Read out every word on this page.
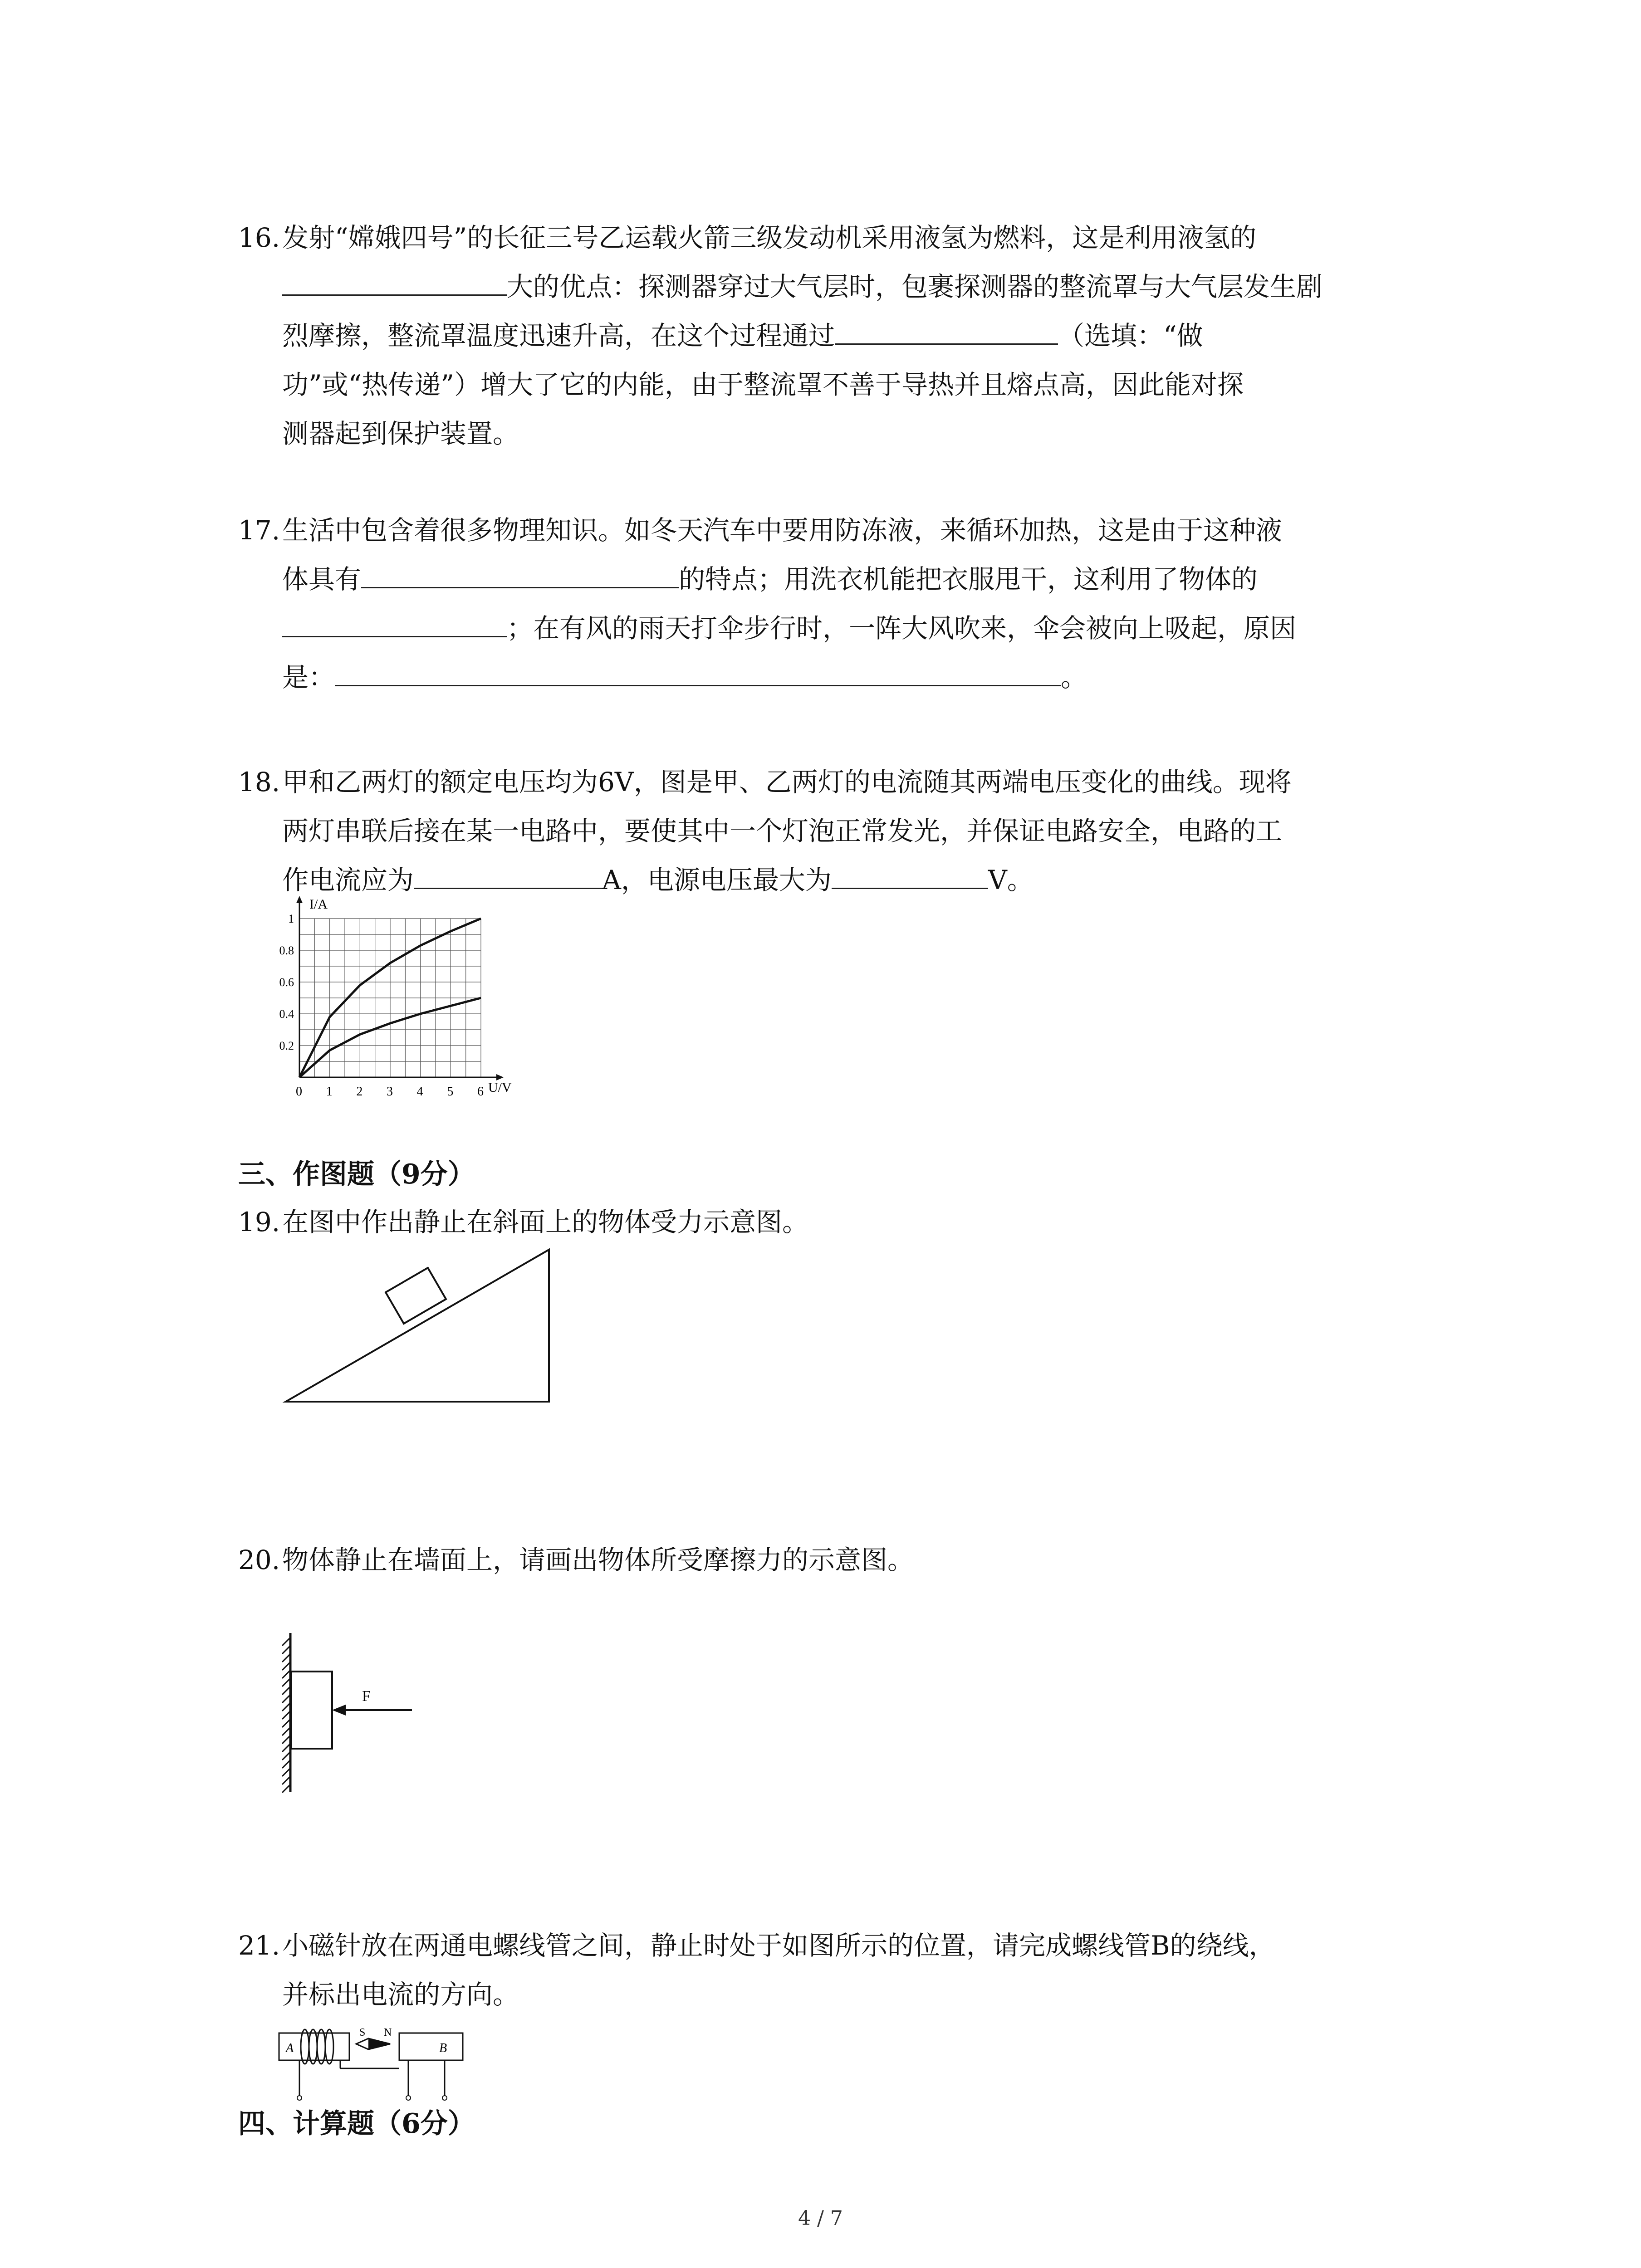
16. 发射“嫦娥四号”的长征三号乙运载火箭三级发动机采用液氢为燃料，这是利用液氢的
大的优点：探测器穿过大气层时，包裹探测器的整流罩与大气层发生剧
烈摩擦，整流罩温度迅速升高，在这个过程通过	（选填：“做
功”或“热传递”）增大了它的内能，由于整流罩不善于导热并且熔点高，因此能对探
测器起到保护装置。
17. 生活中包含着很多物理知识。如冬天汽车中要用防冻液，来循环加热，这是由于这种液
体具有	的特点；用洗衣机能把衣服甩干，这利用了物体的
；在有风的雨天打伞步行时，一阵大风吹来，伞会被向上吸起，原因
是：	。
18. 甲和乙两灯的额定电压均为6V，图是甲、乙两灯的电流随其两端电压变化的曲线。现将
两灯串联后接在某一电路中，要使其中一个灯泡正常发光，并保证电路安全，电路的工
作电流应为	A，电源电压最大为	V。
0 1 2 3 4 5 6
0.2
0.4
0.6
0.8
1
I/A
U/V
三、作图题（9分）
19. 在图中作出静止在斜面上的物体受力示意图。
20. 物体静止在墙面上，请画出物体所受摩擦力的示意图。
F
21. 小磁针放在两通电螺线管之间，静止时处于如图所示的位置，请完成螺线管B的绕线，
并标出电流的方向。
A
S N
B
四、计算题（6分）
4 / 7
